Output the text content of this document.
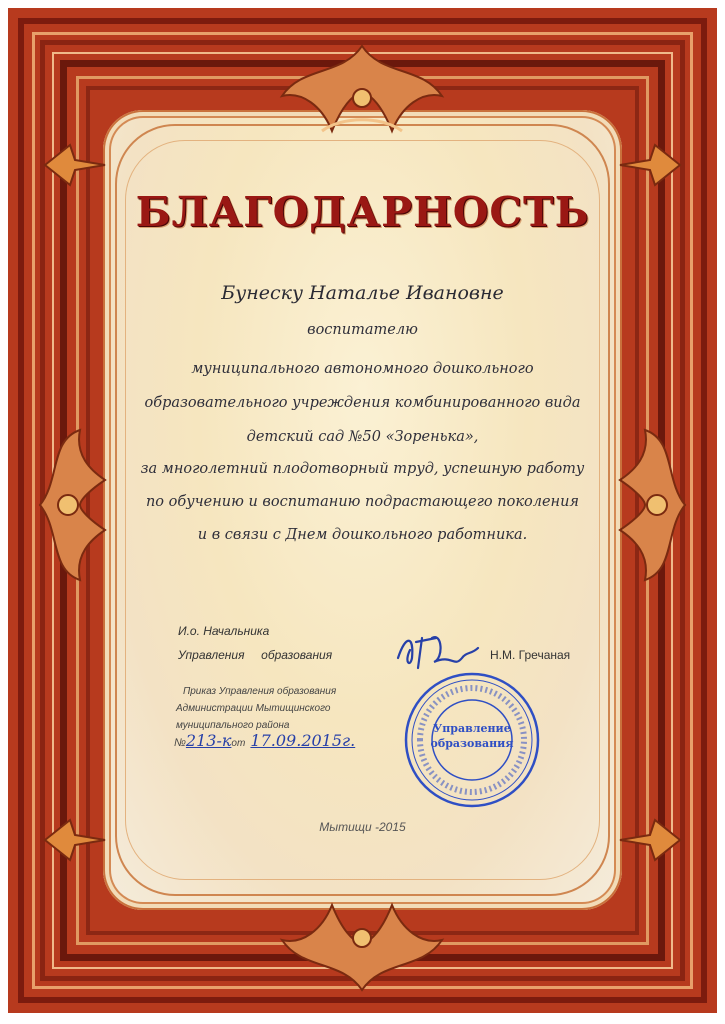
БЛАГОДАРНОСТЬ
Бунеску Наталье Ивановне
воспитателю
муниципального автономного дошкольного
образовательного учреждения комбинированного вида
детский сад №50 «Зоренька»,
за многолетний плодотворный труд, успешную работу
по обучению и воспитанию подрастающего поколения
и в связи с Днем дошкольного работника.
И.о. Начальника
Управления     образования	Н.М. Гречаная
Приказ Управления образования
Администрации Мытищинского
муниципального района
№213-кот 17.09.2015г.
Управление
образования
Мытищи -2015
